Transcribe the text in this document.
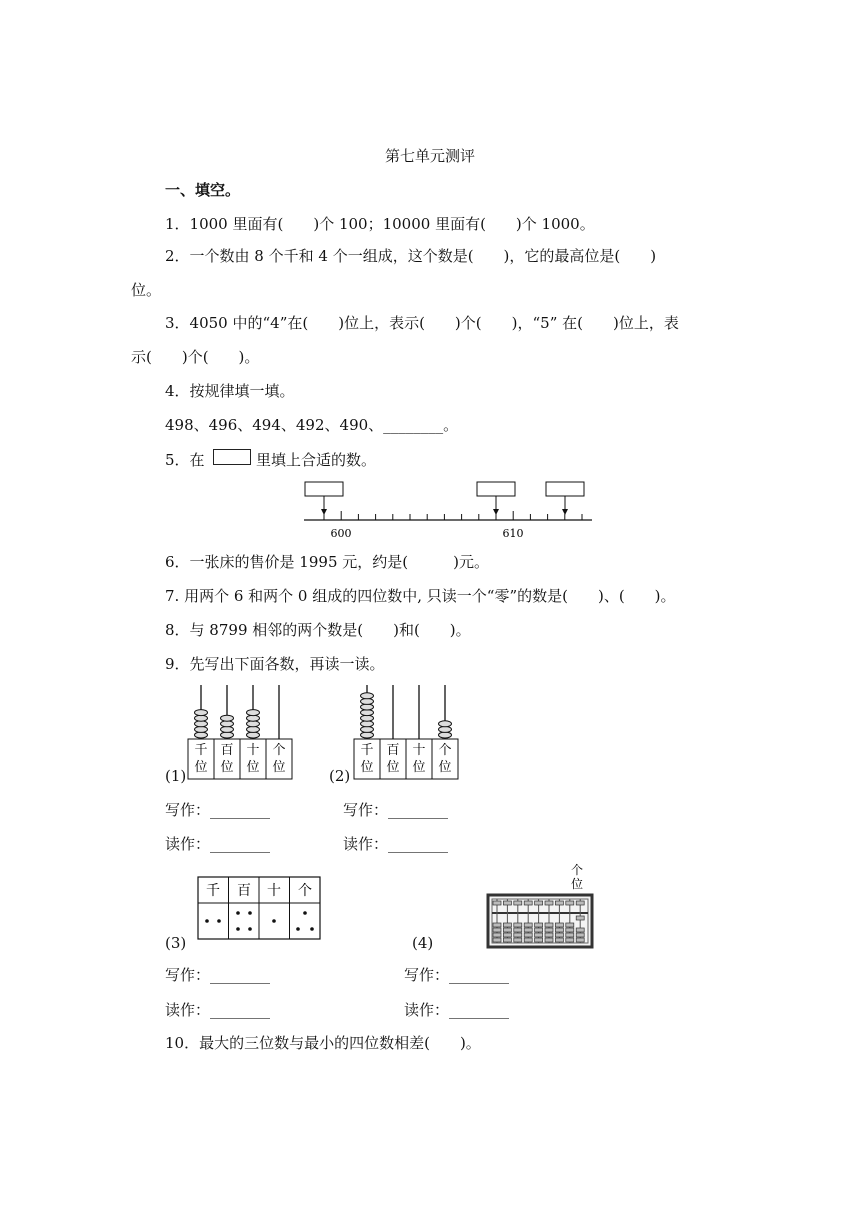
第七单元测评
一、填空。
1．1000 里面有(　　)个 100；10000 里面有(　　)个 1000。
2．一个数由 8 个千和 4 个一组成，这个数是(　　)，它的最高位是(　　)
位。
3．4050 中的“4”在(　　)位上，表示(　　)个(　　)，“5” 在(　　)位上，表
示(　　)个(　　)。
4．按规律填一填。
498、496、494、492、490、________。
5．在	里填上合适的数。
600	610
6．一张床的售价是 1995 元，约是(　　　)元。
7. 用两个 6 和两个 0 组成的四位数中, 只读一个“零”的数是(　　)、(　　)。
8．与 8799 相邻的两个数是(　　)和(　　)。
9．先写出下面各数，再读一读。
(1)
千位
百位
十位
个位	(2)
千位
百位
十位
个位
写作：________	写作：________
读作：________	读作：________
(3)
千 百 十 个
(4)
个位
写作：________	写作：________
读作：________	读作：________
10．最大的三位数与最小的四位数相差(　　)。
